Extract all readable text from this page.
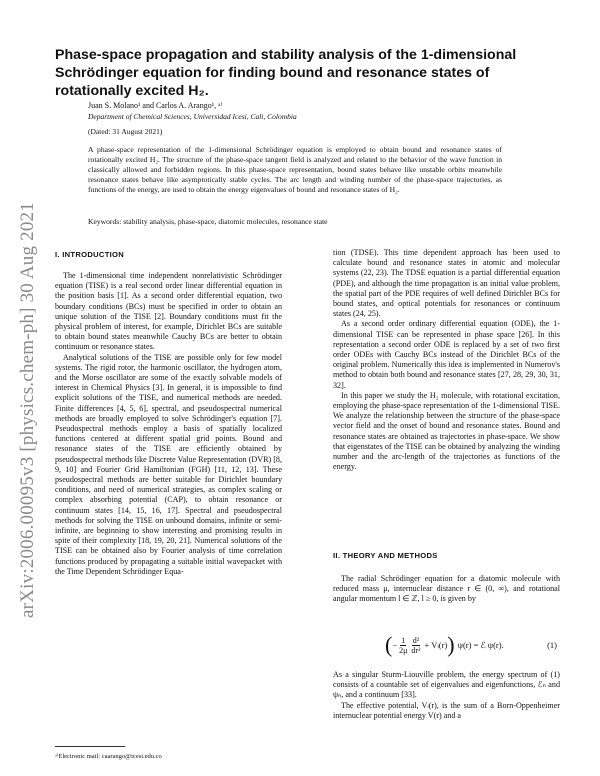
arXiv:2006.00095v3 [physics.chem-ph] 30 Aug 2021
Phase-space propagation and stability analysis of the 1-dimensional Schrödinger equation for finding bound and resonance states of rotationally excited H₂.
Juan S. Molano¹ and Carlos A. Arango¹, ᵃ⁾
Department of Chemical Sciences, Universidad Icesi, Cali, Colombia
(Dated: 31 August 2021)

A phase-space representation of the 1-dimensional Schrödinger equation is employed to obtain bound and resonance states of rotationally excited H₂. The structure of the phase-space tangent field is analyzed and related to the behavior of the wave function in classically allowed and forbidden regions. In this phase-space representation, bound states behave like unstable orbits meanwhile resonance states behave like asymptotically stable cycles. The arc length and winding number of the phase-space trajectories, as functions of the energy, are used to obtain the energy eigenvalues of bound and resonance states of H₂.

Keywords: stability analysis, phase-space, diatomic molecules, resonance state
I. INTRODUCTION

The 1-dimensional time independent nonrelativistic Schrödinger equation (TISE) is a real second order linear differential equation in the position basis [1]. As a second order differential equation, two boundary conditions (BCs) must be specified in order to obtain an unique solution of the TISE [2]. Boundary conditions must fit the physical problem of interest, for example, Dirichlet BCs are suitable to obtain bound states meanwhile Cauchy BCs are better to obtain continuum or resonance states.

Analytical solutions of the TISE are possible only for few model systems. The rigid rotor, the harmonic oscillator, the hydrogen atom, and the Morse oscillator are some of the exactly solvable models of interest in Chemical Physics [3]. In general, it is impossible to find explicit solutions of the TISE, and numerical methods are needed. Finite differences [4, 5, 6], spectral, and pseudospectral numerical methods are broadly employed to solve Schrödinger's equation [7]. Pseudospectral methods employ a basis of spatially localized functions centered at different spatial grid points. Bound and resonance states of the TISE are efficiently obtained by pseudospectral methods like Discrete Value Representation (DVR) [8, 9, 10] and Fourier Grid Hamiltonian (FGH) [11, 12, 13]. These pseudospectral methods are better suitable for Dirichlet boundary conditions, and need of numerical strategies, as complex scaling or complex absorbing potential (CAP), to obtain resonance or continuum states [14, 15, 16, 17]. Spectral and pseudospectral methods for solving the TISE on unbound domains, infinite or semi-infinite, are beginning to show interesting and promising results in spite of their complexity [18, 19, 20, 21]. Numerical solutions of the TISE can be obtained also by Fourier analysis of time correlation functions produced by propagating a suitable initial wavepacket with the Time Dependent Schrödinger Equa-

tion (TDSE). This time dependent approach has been used to calculate bound and resonance states in atomic and molecular systems (22, 23). The TDSE equation is a partial differential equation (PDE), and although the time propagation is an initial value problem, the spatial part of the PDE requires of well defined Dirichlet BCs for bound states, and optical potentials for resonances or continuum states (24, 25).

As a second order ordinary differential equation (ODE), the 1-dimensional TISE can be represented in phase space [26]. In this representation a second order ODE is replaced by a set of two first order ODEs with Cauchy BCs instead of the Dirichlet BCs of the original problem. Numerically this idea is implemented in Numerov's method to obtain both bound and resonance states [27, 28, 29, 30, 31, 32].

In this paper we study the H₂ molecule, with rotational excitation, employing the phase-space representation of the 1-dimensional TISE. We analyze the relationship between the structure of the phase-space vector field and the onset of bound and resonance states. Bound and resonance states are obtained as trajectories in phase-space. We show that eigenstates of the TISE can be obtained by analyzing the winding number and the arc-length of the trajectories as functions of the energy.

II. THEORY AND METHODS

The radial Schrödinger equation for a diatomic molecule with reduced mass μ, internuclear distance r ∈ (0, ∞), and rotational angular momentum l ∈ ℤ, l ≥ 0, is given by

( − $\frac{1}{2\mu} \frac{\text{d²}}{\text{dr²}} + V_l(r)$ ) ψ(r) = ℰ ψ(r).	(1)

As a singular Sturm-Liouville problem, the energy spectrum of (1) consists of a countable set of eigenvalues and eigenfunctions, ℰₙ and ψₙ, and a continuum [33].

The effective potential, Vₗ(r), is the sum of a Born-Oppenheimer internuclear potential energy V(r) and a

ᵃ⁾Electronic mail: caarango@icesi.edu.co
